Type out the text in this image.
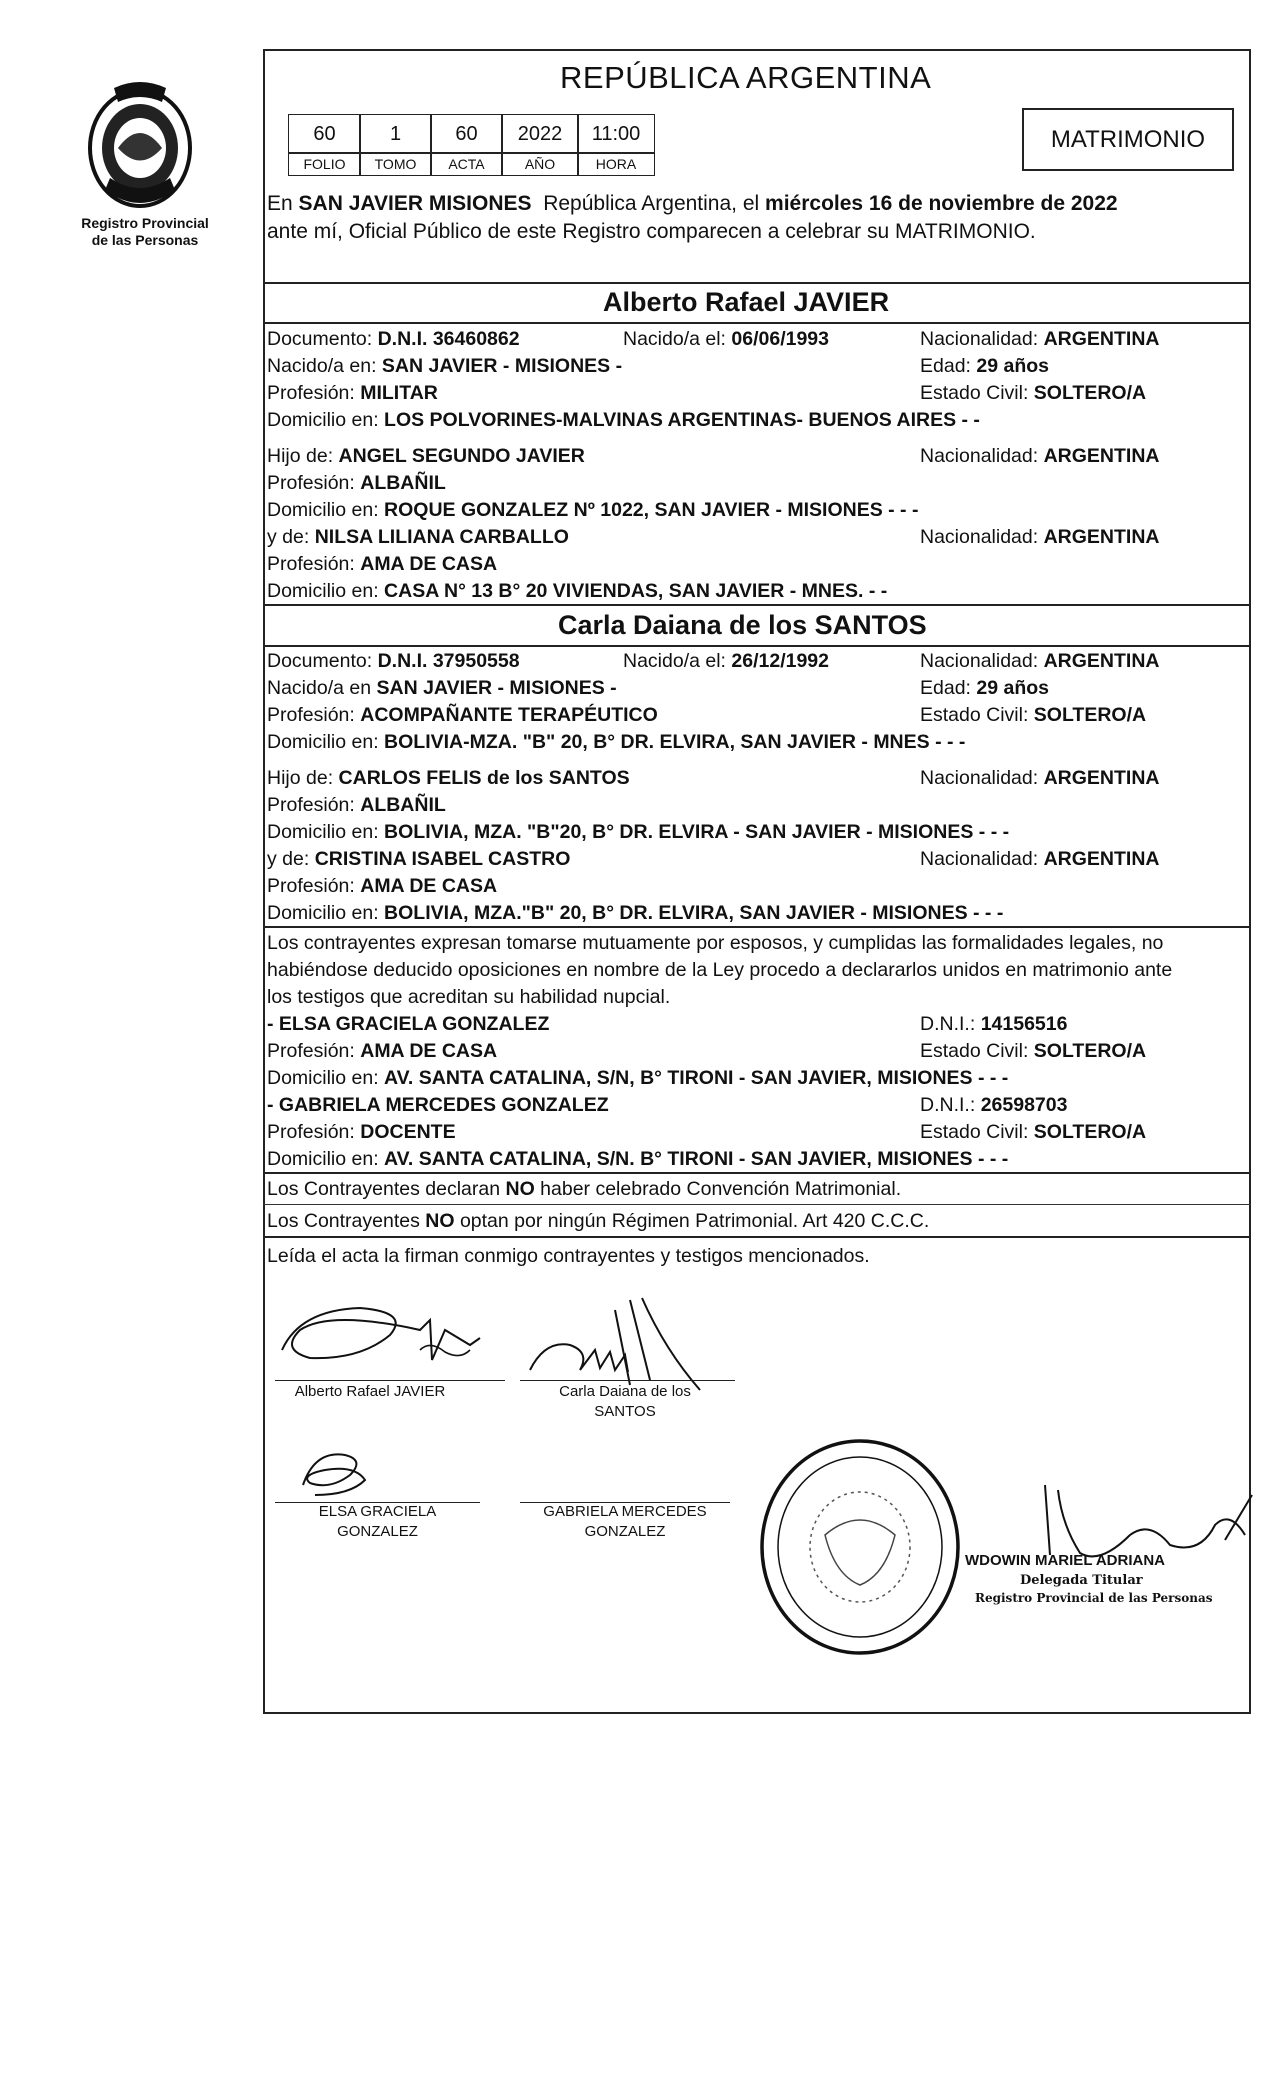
Registro Provincial
de las Personas
REPÚBLICA ARGENTINA
60	1	60	2022	11:00
FOLIO	TOMO	ACTA	AÑO	HORA
MATRIMONIO
En SAN JAVIER MISIONES República Argentina, el miércoles 16 de noviembre de 2022
ante mí, Oficial Público de este Registro comparecen a celebrar su MATRIMONIO.
Alberto Rafael JAVIER
Documento: D.N.I. 36460862	Nacido/a el: 06/06/1993	Nacionalidad: ARGENTINA
Nacido/a en: SAN JAVIER - MISIONES -	Edad: 29 años
Profesión: MILITAR	Estado Civil: SOLTERO/A
Domicilio en: LOS POLVORINES-MALVINAS ARGENTINAS- BUENOS AIRES - -
Hijo de: ANGEL SEGUNDO JAVIER	Nacionalidad: ARGENTINA
Profesión: ALBAÑIL
Domicilio en: ROQUE GONZALEZ Nº 1022, SAN JAVIER - MISIONES - - -
y de: NILSA LILIANA CARBALLO	Nacionalidad: ARGENTINA
Profesión: AMA DE CASA
Domicilio en: CASA N° 13 B° 20 VIVIENDAS, SAN JAVIER - MNES. - -
Carla Daiana de los SANTOS
Documento: D.N.I. 37950558	Nacido/a el: 26/12/1992	Nacionalidad: ARGENTINA
Nacido/a en SAN JAVIER - MISIONES -	Edad: 29 años
Profesión: ACOMPAÑANTE TERAPÉUTICO	Estado Civil: SOLTERO/A
Domicilio en: BOLIVIA-MZA. "B" 20, B° DR. ELVIRA, SAN JAVIER - MNES - - -
Hijo de: CARLOS FELIS de los SANTOS	Nacionalidad: ARGENTINA
Profesión: ALBAÑIL
Domicilio en: BOLIVIA, MZA. "B"20, B° DR. ELVIRA - SAN JAVIER - MISIONES - - -
y de: CRISTINA ISABEL CASTRO	Nacionalidad: ARGENTINA
Profesión: AMA DE CASA
Domicilio en: BOLIVIA, MZA."B" 20, B° DR. ELVIRA, SAN JAVIER - MISIONES - - -
Los contrayentes expresan tomarse mutuamente por esposos, y cumplidas las formalidades legales, no
habiéndose deducido oposiciones en nombre de la Ley procedo a declararlos unidos en matrimonio ante
los testigos que acreditan su habilidad nupcial.
- ELSA GRACIELA GONZALEZ	D.N.I.: 14156516
Profesión: AMA DE CASA	Estado Civil: SOLTERO/A
Domicilio en: AV. SANTA CATALINA, S/N, B° TIRONI - SAN JAVIER, MISIONES - - -
- GABRIELA MERCEDES GONZALEZ	D.N.I.: 26598703
Profesión: DOCENTE	Estado Civil: SOLTERO/A
Domicilio en: AV. SANTA CATALINA, S/N. B° TIRONI - SAN JAVIER, MISIONES - - -
Los Contrayentes declaran NO haber celebrado Convención Matrimonial.
Los Contrayentes NO optan por ningún Régimen Patrimonial. Art 420 C.C.C.
Leída el acta la firman conmigo contrayentes y testigos mencionados.
Alberto Rafael JAVIER	Carla Daiana de los
SANTOS
ELSA GRACIELA
GONZALEZ
GABRIELA MERCEDES
GONZALEZ
WDOWIN MARIEL ADRIANA
Delegada Titular
Registro Provincial de las Personas
